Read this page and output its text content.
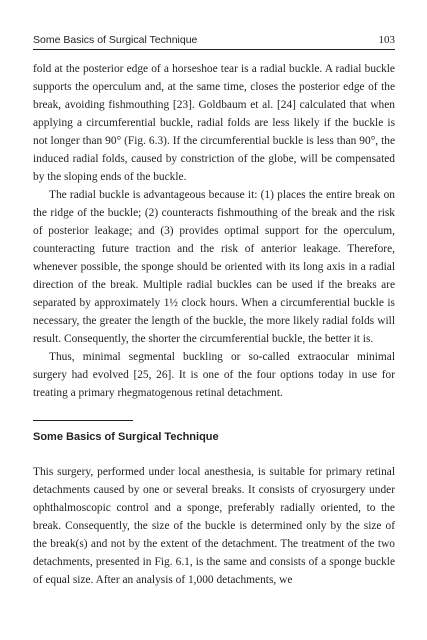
Some Basics of Surgical Technique	103

fold at the posterior edge of a horseshoe tear is a radial buckle. A radial buckle supports the operculum and, at the same time, closes the posterior edge of the break, avoiding fishmouthing [23]. Goldbaum et al. [24] calculated that when applying a circumferential buckle, radial folds are less likely if the buckle is not longer than 90° (Fig. 6.3). If the circumferential buckle is less than 90°, the induced radial folds, caused by constriction of the globe, will be compensated by the sloping ends of the buckle.

The radial buckle is advantageous because it: (1) places the entire break on the ridge of the buckle; (2) counteracts fishmouthing of the break and the risk of posterior leakage; and (3) provides optimal support for the operculum, counteracting future traction and the risk of anterior leakage. Therefore, whenever possible, the sponge should be oriented with its long axis in a radial direction of the break. Multiple radial buckles can be used if the breaks are separated by approximately 1½ clock hours. When a circumferential buckle is necessary, the greater the length of the buckle, the more likely radial folds will result. Consequently, the shorter the circumferential buckle, the better it is.

Thus, minimal segmental buckling or so-called extraocular minimal surgery had evolved [25, 26]. It is one of the four options today in use for treating a primary rhegmatogenous retinal detachment.

Some Basics of Surgical Technique

This surgery, performed under local anesthesia, is suitable for primary retinal detachments caused by one or several breaks. It consists of cryosurgery under ophthalmoscopic control and a sponge, preferably radially oriented, to the break. Consequently, the size of the buckle is determined only by the size of the break(s) and not by the extent of the detachment. The treatment of the two detachments, presented in Fig. 6.1, is the same and consists of a sponge buckle of equal size. After an analysis of 1,000 detachments, we
